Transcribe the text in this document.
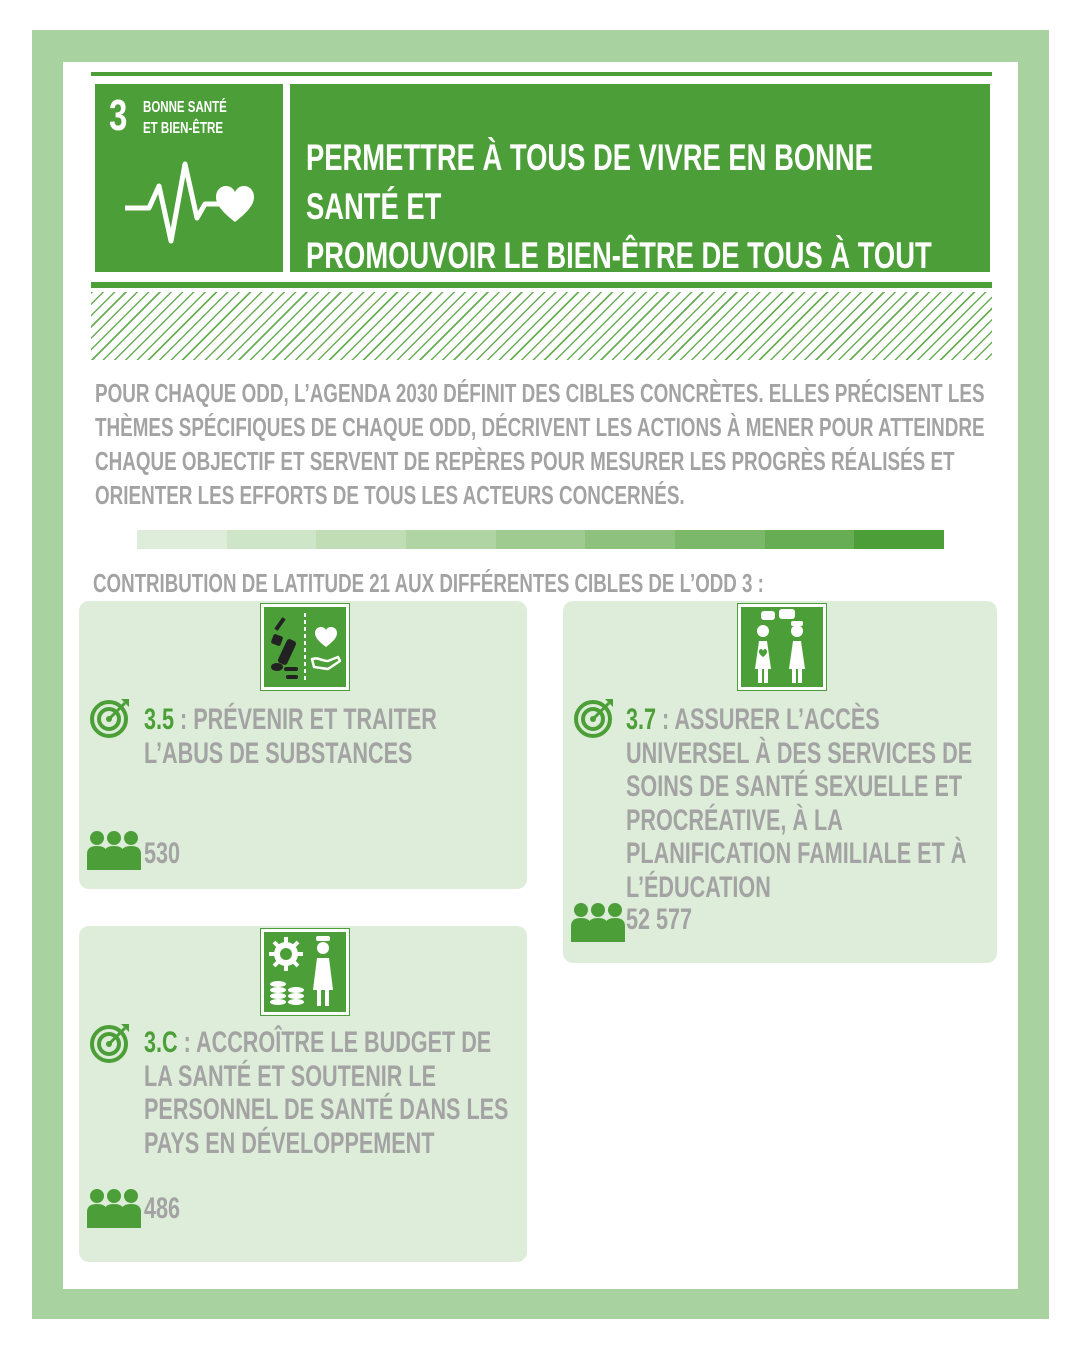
3 BONNE SANTÉ
ET BIEN-ÊTRE
PERMETTRE À TOUS DE VIVRE EN BONNE SANTÉ ET
PROMOUVOIR LE BIEN-ÊTRE DE TOUS À TOUT
POUR CHAQUE ODD, L’AGENDA 2030 DÉFINIT DES CIBLES CONCRÈTES. ELLES PRÉCISENT LES THÈMES SPÉCIFIQUES DE CHAQUE ODD, DÉCRIVENT LES ACTIONS À MENER POUR ATTEINDRE CHAQUE OBJECTIF ET SERVENT DE REPÈRES POUR MESURER LES PROGRÈS RÉALISÉS ET ORIENTER LES EFFORTS DE TOUS LES ACTEURS CONCERNÉS.
CONTRIBUTION DE LATITUDE 21 AUX DIFFÉRENTES CIBLES DE L’ODD 3 :
3.5 : PRÉVENIR ET TRAITER L’ABUS DE SUBSTANCES
530
3.7 : ASSURER L’ACCÈS UNIVERSEL À DES SERVICES DE SOINS DE SANTÉ SEXUELLE ET PROCRÉATIVE, À LA PLANIFICATION FAMILIALE ET À L’ÉDUCATION
52 577
3.C : ACCROÎTRE LE BUDGET DE LA SANTÉ ET SOUTENIR LE PERSONNEL DE SANTÉ DANS LES PAYS EN DÉVELOPPEMENT
486
